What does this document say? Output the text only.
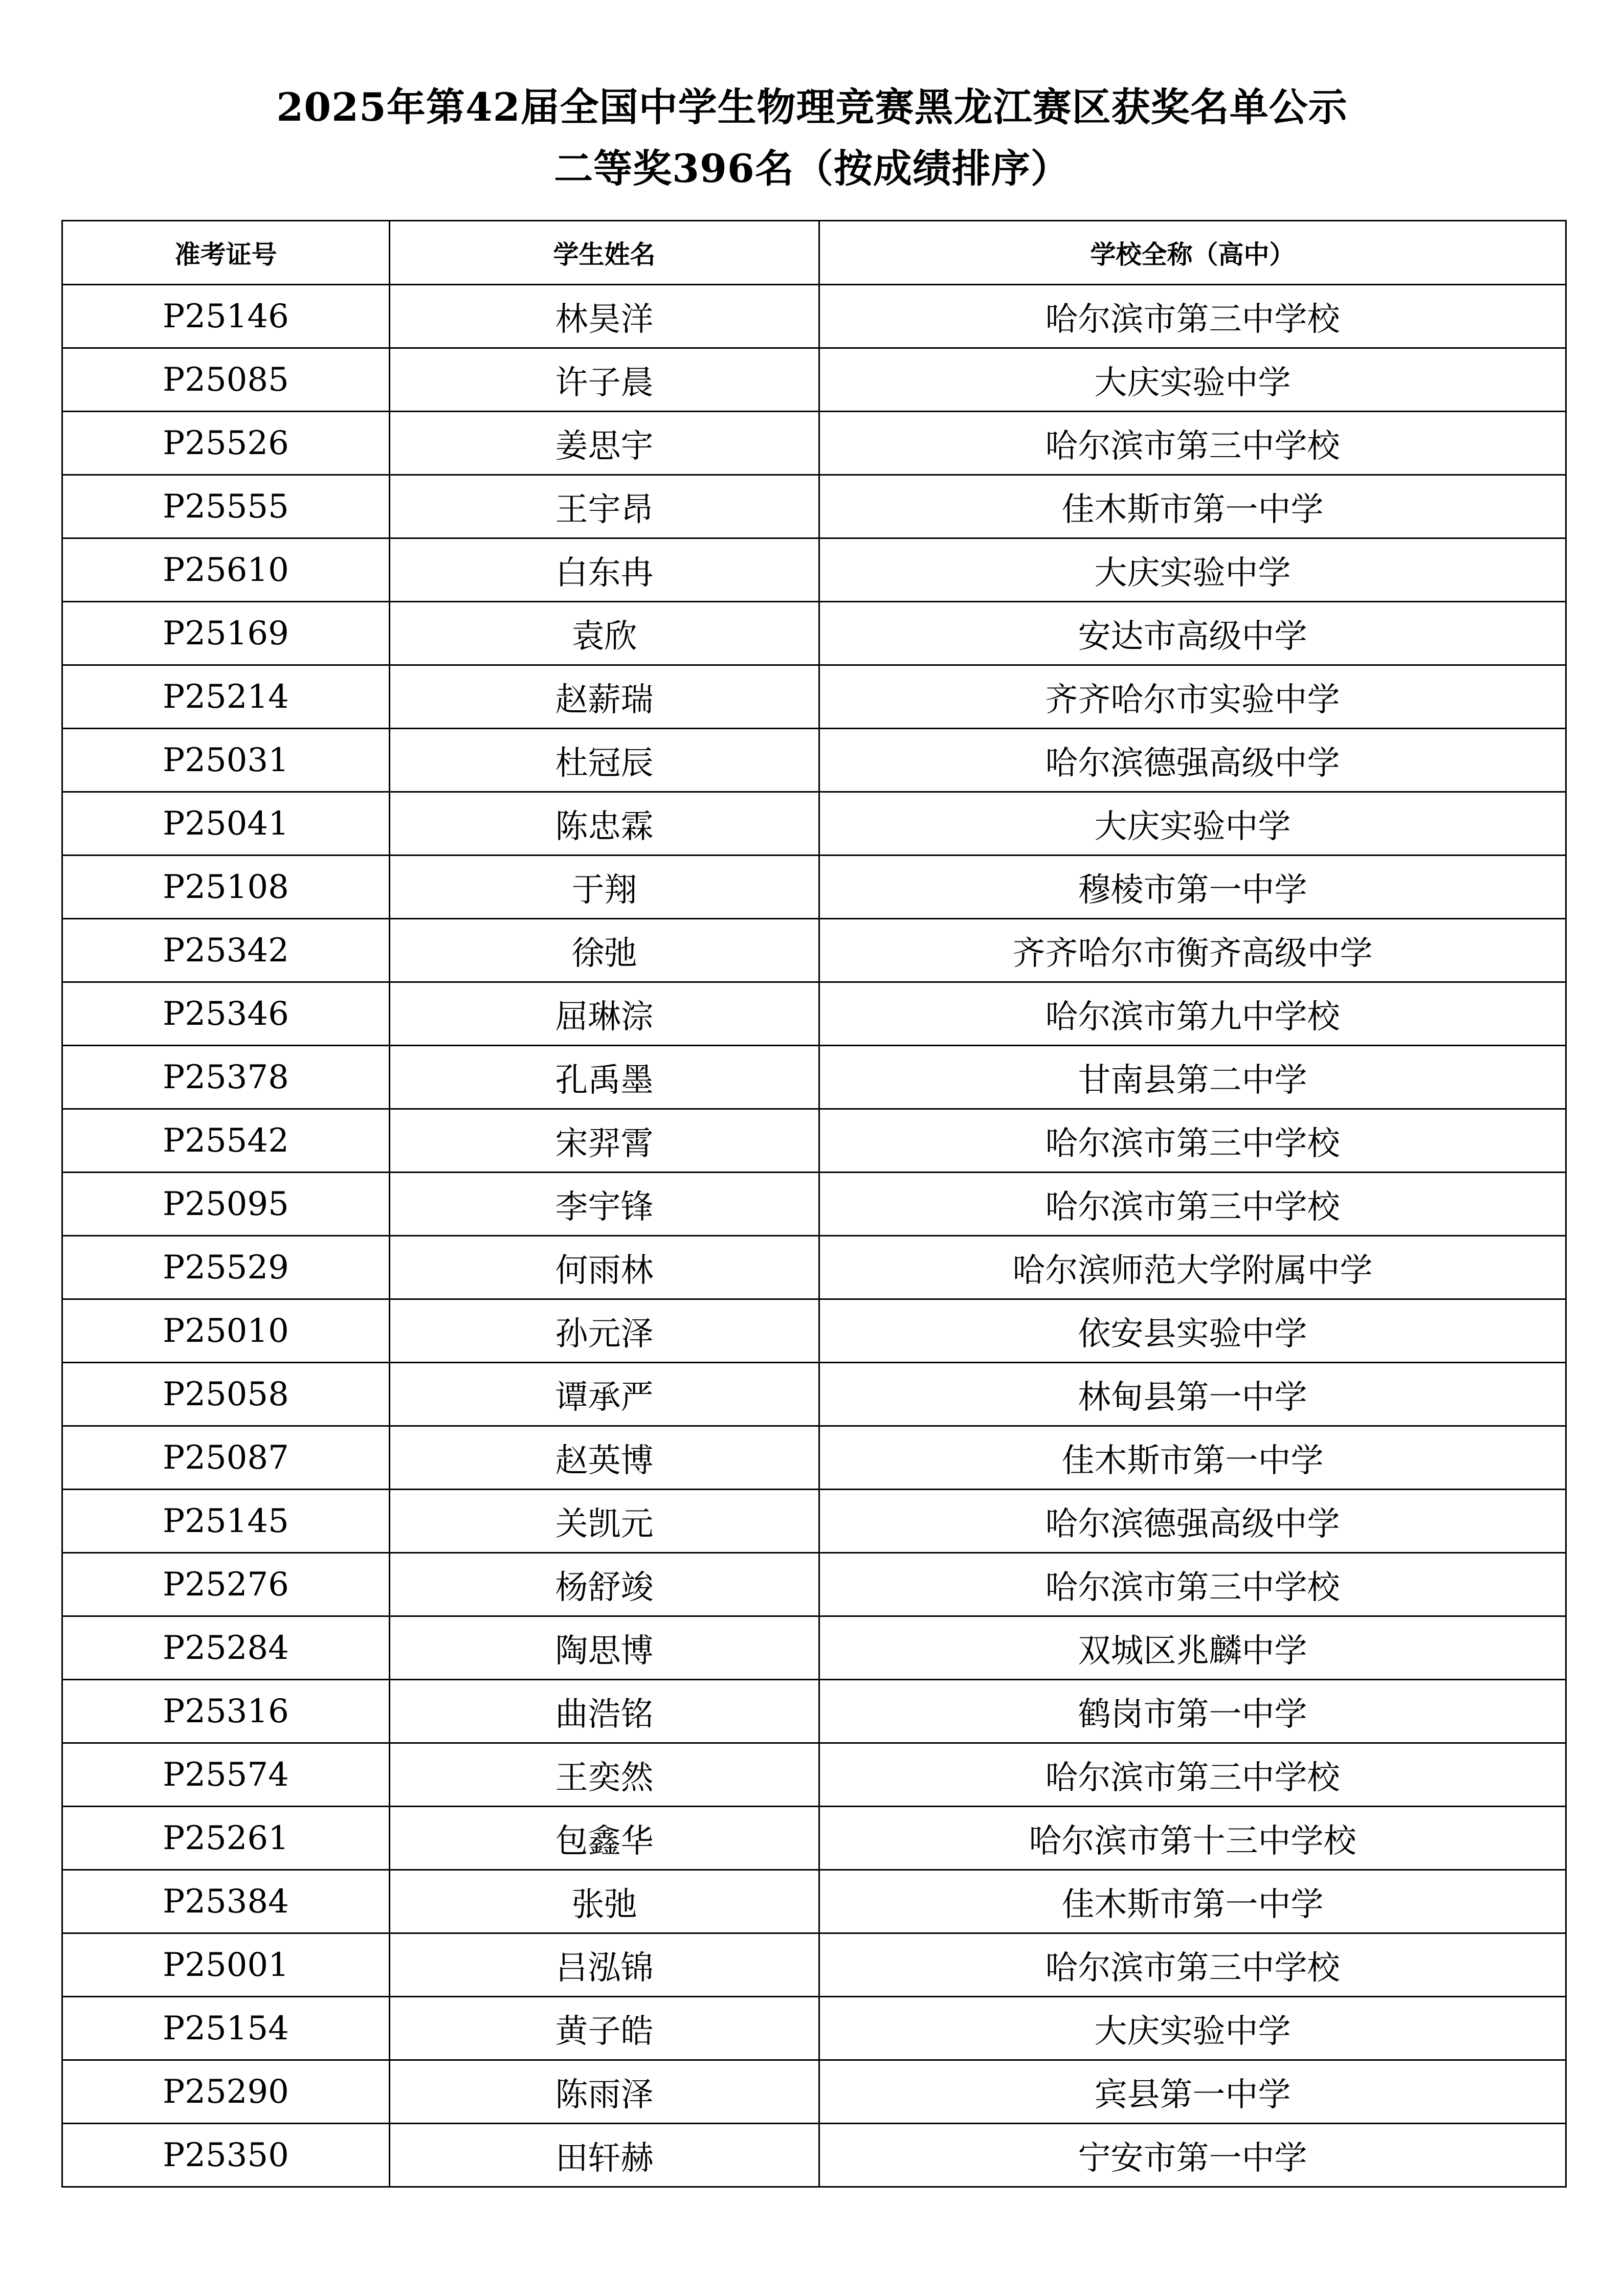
2025年第42届全国中学生物理竞赛黑龙江赛区获奖名单公示
二等奖396名（按成绩排序）
准考证号	学生姓名	学校全称（高中）
P25146	林昊洋	哈尔滨市第三中学校
P25085	许子晨	大庆实验中学
P25526	姜思宇	哈尔滨市第三中学校
P25555	王宇昂	佳木斯市第一中学
P25610	白东冉	大庆实验中学
P25169	袁欣	安达市高级中学
P25214	赵薪瑞	齐齐哈尔市实验中学
P25031	杜冠辰	哈尔滨德强高级中学
P25041	陈忠霖	大庆实验中学
P25108	于翔	穆棱市第一中学
P25342	徐弛	齐齐哈尔市衡齐高级中学
P25346	屈琳淙	哈尔滨市第九中学校
P25378	孔禹墨	甘南县第二中学
P25542	宋羿霄	哈尔滨市第三中学校
P25095	李宇锋	哈尔滨市第三中学校
P25529	何雨林	哈尔滨师范大学附属中学
P25010	孙元泽	依安县实验中学
P25058	谭承严	林甸县第一中学
P25087	赵英博	佳木斯市第一中学
P25145	关凯元	哈尔滨德强高级中学
P25276	杨舒竣	哈尔滨市第三中学校
P25284	陶思博	双城区兆麟中学
P25316	曲浩铭	鹤岗市第一中学
P25574	王奕然	哈尔滨市第三中学校
P25261	包鑫华	哈尔滨市第十三中学校
P25384	张弛	佳木斯市第一中学
P25001	吕泓锦	哈尔滨市第三中学校
P25154	黄子皓	大庆实验中学
P25290	陈雨泽	宾县第一中学
P25350	田轩赫	宁安市第一中学
